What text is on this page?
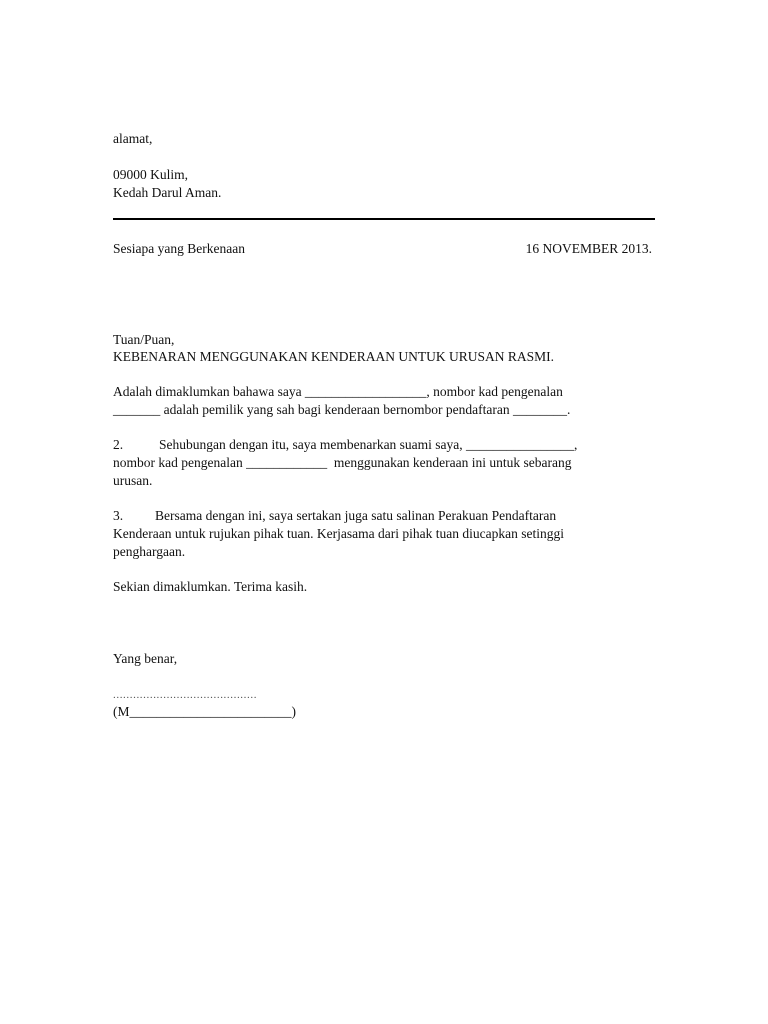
alamat,
09000 Kulim,
Kedah Darul Aman.
Sesiapa yang Berkenaan	16 NOVEMBER 2013.
Tuan/Puan,
KEBENARAN MENGGUNAKAN KENDERAAN UNTUK URUSAN RASMI.
Adalah dimaklumkan bahawa saya __________________, nombor kad pengenalan
_______ adalah pemilik yang sah bagi kenderaan bernombor pendaftaran ________.
2.	Sehubungan dengan itu, saya membenarkan suami saya, ________________,
nombor kad pengenalan ____________  menggunakan kenderaan ini untuk sebarang
urusan.
3.	Bersama dengan ini, saya sertakan juga satu salinan Perakuan Pendaftaran
Kenderaan untuk rujukan pihak tuan. Kerjasama dari pihak tuan diucapkan setinggi
penghargaan.
Sekian dimaklumkan. Terima kasih.
Yang benar,
...........................................
(M________________________)
